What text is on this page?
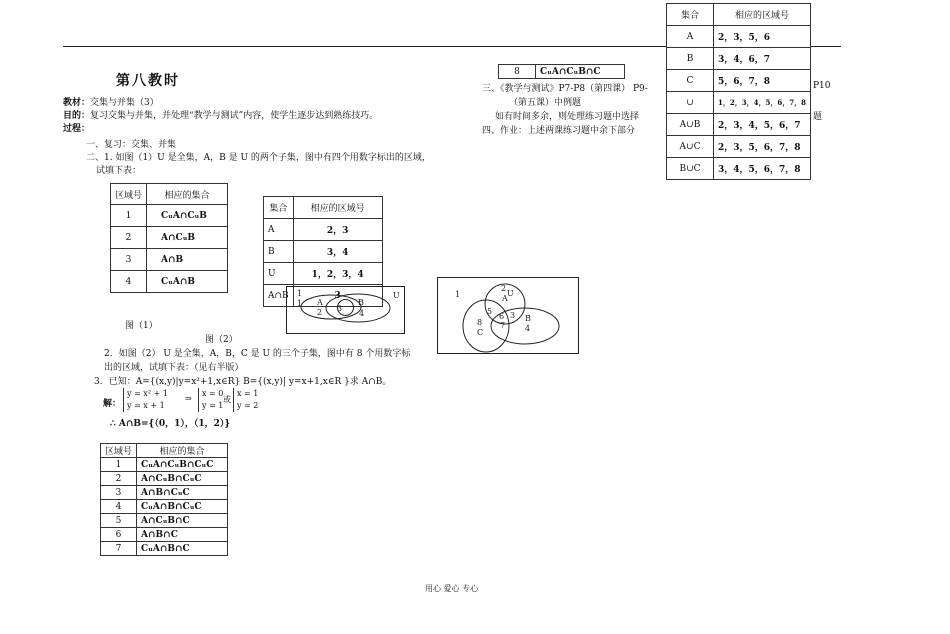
第八教时
教材：交集与并集（3）
目的：复习交集与并集，并处理“教学与测试”内容，使学生逐步达到熟练技巧。
过程：
一、复习：交集、并集
二、1. 如图（1）U 是全集，A，B 是 U 的两个子集，图中有四个用数字标出的区域，
试填下表：
区域号	相应的集合
1	CᵤA∩CᵤB
2	A∩CᵤB
3	A∩B
4	CᵤA∩B
集合	相应的区域号
A	2，3
B	3，4
U	1，2，3，4
A∩B	3
1
1 A
2 3
B
4
U	1
2
U
A
5
6 3
8 7
B
4
C
图（1）
图（2）
2．如图（2） U 是全集，A，B，C 是 U 的三个子集，图中有 8 个用数字标
出的区域，试填下表：（见右半版）
3．已知：A={(x,y)|y=x²+1,x∈R} B={(x,y)| y=x+1,x∈R }求 A∩B。
解：
y = x² + 1
y = x + 1
⇒
x = 0
y = 1
或
x = 1
y = 2
∴ A∩B={（0，1），（1，2）}
区域号	相应的集合
1	CᵤA∩CᵤB∩CᵤC
2	A∩CᵤB∩CᵤC
3	A∩B∩CᵤC
4	CᵤA∩B∩CᵤC
5	A∩CᵤB∩C
6	A∩B∩C
7	CᵤA∩B∩C
8	CᵤA∩CᵤB∩C
三、《教学与测试》P7-P8（第四课） P9-	P10
（第五课）中例题
如有时间多余，则处理练习题中选择	题
四、作业：上述两课练习题中余下部分
集合	相应的区域号
A	2，3，5，6
B	3，4，6，7
C	5，6，7，8
∪	1，2，3，4，5，6，7，8
A∪B	2，3，4，5，6，7
A∪C	2，3，5，6，7，8
B∪C	3，4，5，6，7，8
用心 爱心 专心
